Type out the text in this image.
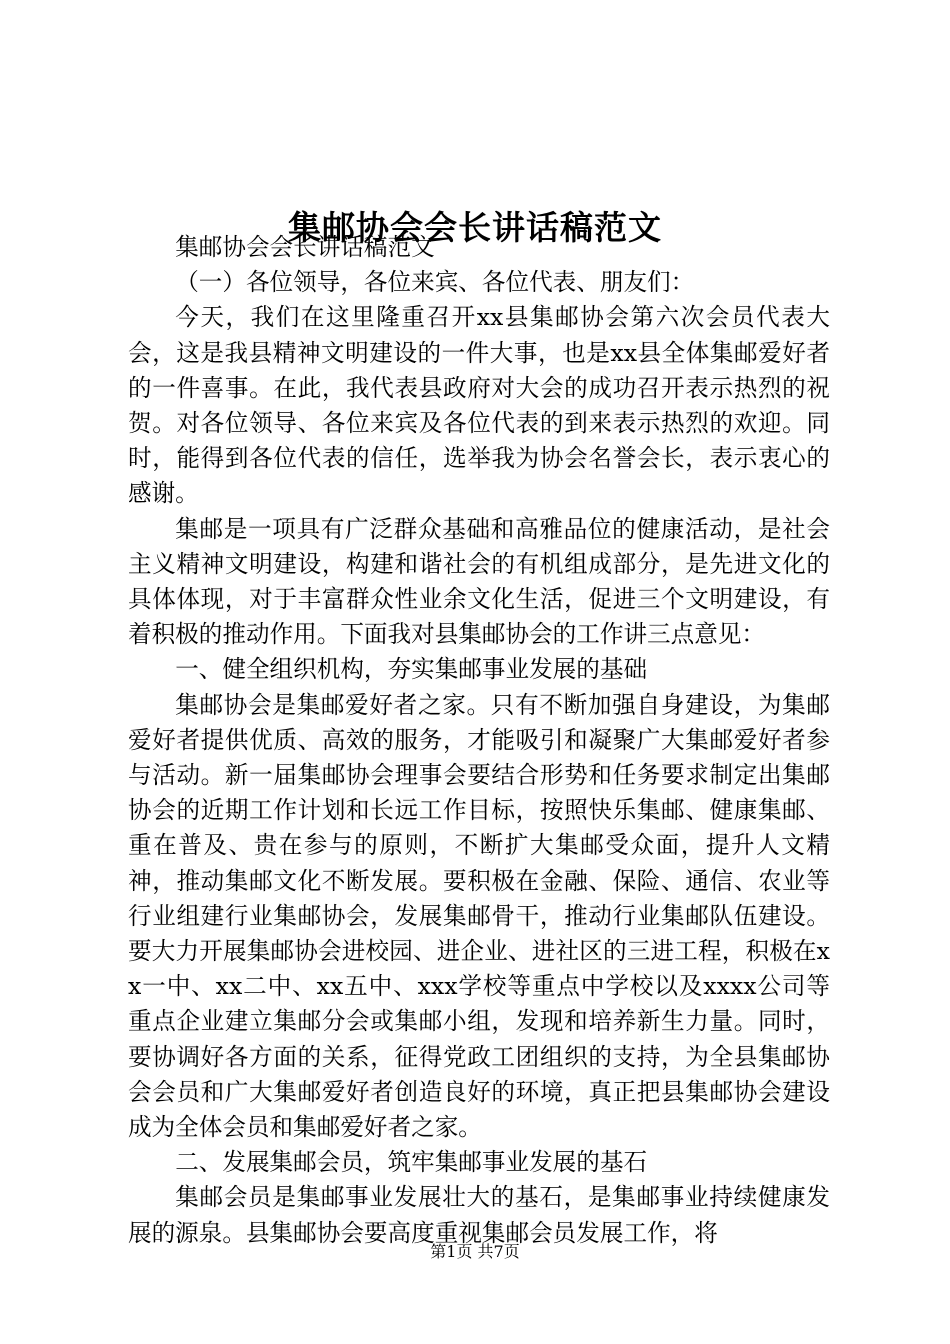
集邮协会会长讲话稿范文

集邮协会会长讲话稿范文

（一）各位领导，各位来宾、各位代表、朋友们：

今天，我们在这里隆重召开xx县集邮协会第六次会员代表大会，这是我县精神文明建设的一件大事，也是xx县全体集邮爱好者的一件喜事。在此，我代表县政府对大会的成功召开表示热烈的祝贺。对各位领导、各位来宾及各位代表的到来表示热烈的欢迎。同时，能得到各位代表的信任，选举我为协会名誉会长，表示衷心的感谢。

集邮是一项具有广泛群众基础和高雅品位的健康活动，是社会主义精神文明建设，构建和谐社会的有机组成部分，是先进文化的具体体现，对于丰富群众性业余文化生活，促进三个文明建设，有着积极的推动作用。下面我对县集邮协会的工作讲三点意见：

一、健全组织机构，夯实集邮事业发展的基础

集邮协会是集邮爱好者之家。只有不断加强自身建设，为集邮爱好者提供优质、高效的服务，才能吸引和凝聚广大集邮爱好者参与活动。新一届集邮协会理事会要结合形势和任务要求制定出集邮协会的近期工作计划和长远工作目标，按照快乐集邮、健康集邮、重在普及、贵在参与的原则，不断扩大集邮受众面，提升人文精神，推动集邮文化不断发展。要积极在金融、保险、通信、农业等行业组建行业集邮协会，发展集邮骨干，推动行业集邮队伍建设。要大力开展集邮协会进校园、进企业、进社区的三进工程，积极在xx一中、xx二中、xx五中、xxx学校等重点中学校以及xxxx公司等重点企业建立集邮分会或集邮小组，发现和培养新生力量。同时，要协调好各方面的关系，征得党政工团组织的支持，为全县集邮协会会员和广大集邮爱好者创造良好的环境，真正把县集邮协会建设成为全体会员和集邮爱好者之家。

二、发展集邮会员，筑牢集邮事业发展的基石

集邮会员是集邮事业发展壮大的基石，是集邮事业持续健康发展的源泉。县集邮协会要高度重视集邮会员发展工作，将

第1页 共7页
